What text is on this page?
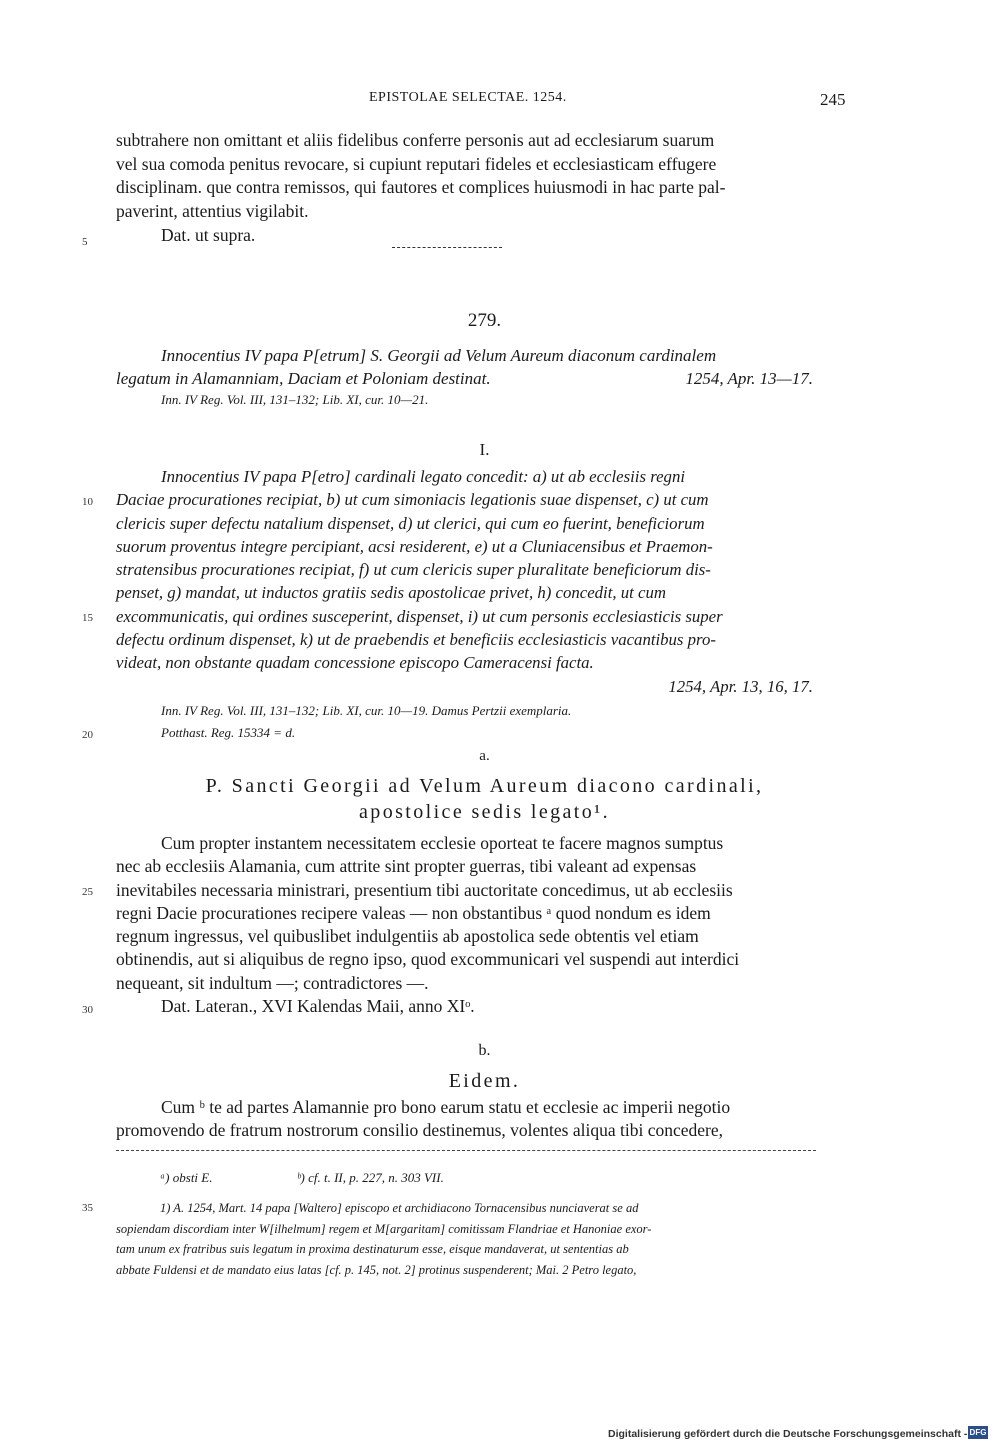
EPISTOLAE SELECTAE. 1254.	245

subtrahere non omittant et aliis fidelibus conferre personis aut ad ecclesiarum suarum

vel sua comoda penitus revocare, si cupiunt reputari fideles et ecclesiasticam effugere

disciplinam. que contra remissos, qui fautores et complices huiusmodi in hac parte pal-

paverint, attentius vigilabit.

Dat. ut supra.

279.

Innocentius IV papa P[etrum] S. Georgii ad Velum Aureum diaconum cardinalem

legatum in Alamanniam, Daciam et Poloniam destinat.	1254, Apr. 13—17.

Inn. IV Reg. Vol. III, 131–132; Lib. XI, cur. 10—21.
I.

Innocentius IV papa P[etro] cardinali legato concedit: a) ut ab ecclesiis regni

Daciae procurationes recipiat, b) ut cum simoniacis legationis suae dispenset, c) ut cum

clericis super defectu natalium dispenset, d) ut clerici, qui cum eo fuerint, beneficiorum

suorum proventus integre percipiant, acsi residerent, e) ut a Cluniacensibus et Praemon-

stratensibus procurationes recipiat, f) ut cum clericis super pluralitate beneficiorum dis-

penset, g) mandat, ut inductos gratiis sedis apostolicae privet, h) concedit, ut cum

excommunicatis, qui ordines susceperint, dispenset, i) ut cum personis ecclesiasticis super

defectu ordinum dispenset, k) ut de praebendis et beneficiis ecclesiasticis vacantibus pro-

videat, non obstante quadam concessione episcopo Cameracensi facta.

1254, Apr. 13, 16, 17.

Inn. IV Reg. Vol. III, 131–132; Lib. XI, cur. 10—19. Damus Pertzii exemplaria.
Potthast. Reg. 15334 = d.
a.
P. Sancti Georgii ad Velum Aureum diacono cardinali,
apostolice sedis legato¹.

Cum propter instantem necessitatem ecclesie oporteat te facere magnos sumptus

nec ab ecclesiis Alamania, cum attrite sint propter guerras, tibi valeant ad expensas

inevitabiles necessaria ministrari, presentium tibi auctoritate concedimus, ut ab ecclesiis

regni Dacie procurationes recipere valeas — non obstantibus ᵃ quod nondum es idem

regnum ingressus, vel quibuslibet indulgentiis ab apostolica sede obtentis vel etiam

obtinendis, aut si aliquibus de regno ipso, quod excommunicari vel suspendi aut interdici

nequeant, sit indultum —; contradictores —.

Dat. Lateran., XVI Kalendas Maii, anno XIᵒ.

b.
Eidem.

Cum ᵇ te ad partes Alamannie pro bono earum statu et ecclesie ac imperii negotio

promovendo de fratrum nostrorum consilio destinemus, volentes aliqua tibi concedere,

ᵃ) obsti E.	ᵇ) cf. t. II, p. 227, n. 303 VII.
1) A. 1254, Mart. 14 papa [Waltero] episcopo et archidiacono Tornacensibus nunciaverat se ad
sopiendam discordiam inter W[ilhelmum] regem et M[argaritam] comitissam Flandriae et Hanoniae exor-
tam unum ex fratribus suis legatum in proxima destinaturum esse, eisque mandaverat, ut sententias ab
abbate Fuldensi et de mandato eius latas [cf. p. 145, not. 2] protinus suspenderent; Mai. 2 Petro legato,
5
10
15
20
25
30
35
Digitalisierung gefördert durch die Deutsche Forschungsgemeinschaft - DFG
